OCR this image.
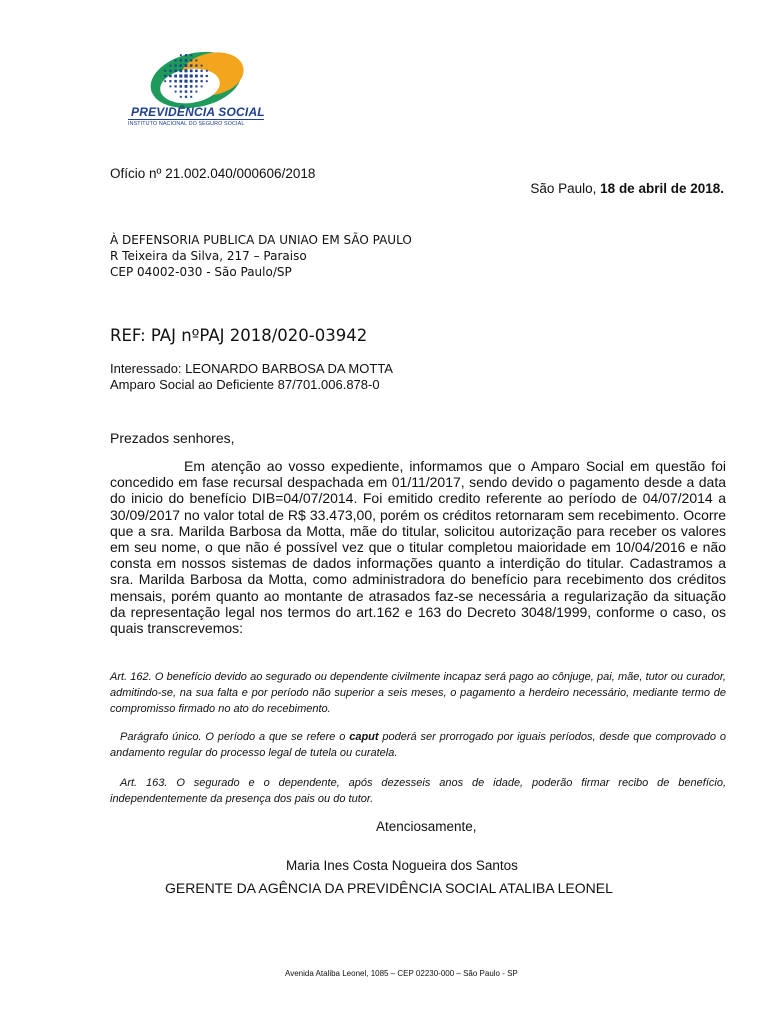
PREVIDÊNCIA SOCIAL
INSTITUTO NACIONAL DO SEGURO SOCIAL
Ofício nº 21.002.040/000606/2018
São Paulo, 18 de abril de 2018.
À DEFENSORIA PUBLICA DA UNIAO EM SÃO PAULO
R Teixeira da Silva, 217 – Paraiso
CEP 04002-030 - São Paulo/SP
REF: PAJ nºPAJ 2018/020-03942
Interessado: LEONARDO BARBOSA DA MOTTA
Amparo Social ao Deficiente 87/701.006.878-0
Prezados senhores,
Em atenção ao vosso expediente, informamos que o Amparo Social em questão foi concedido em fase recursal despachada em 01/11/2017, sendo devido o pagamento desde a data do inicio do benefício DIB=04/07/2014. Foi emitido credito referente ao período de 04/07/2014 a 30/09/2017 no valor total de R$ 33.473,00, porém os créditos retornaram sem recebimento. Ocorre que a sra. Marilda Barbosa da Motta, mãe do titular, solicitou autorização para receber os valores em seu nome, o que não é possível vez que o titular completou maioridade em 10/04/2016 e não consta em nossos sistemas de dados informações quanto a interdição do titular. Cadastramos a sra. Marilda Barbosa da Motta, como administradora do benefício para recebimento dos créditos mensais, porém quanto ao montante de atrasados faz-se necessária a regularização da situação da representação legal nos termos do art.162 e 163 do Decreto 3048/1999, conforme o caso, os quais transcrevemos:
Art. 162. O benefício devido ao segurado ou dependente civilmente incapaz será pago ao cônjuge, pai, mãe, tutor ou curador, admitindo-se, na sua falta e por período não superior a seis meses, o pagamento a herdeiro necessário, mediante termo de compromisso firmado no ato do recebimento.
Parágrafo único. O período a que se refere o caput poderá ser prorrogado por iguais períodos, desde que comprovado o andamento regular do processo legal de tutela ou curatela.
Art. 163. O segurado e o dependente, após dezesseis anos de idade, poderão firmar recibo de benefício, independentemente da presença dos pais ou do tutor.
Atenciosamente,
Maria Ines Costa Nogueira dos Santos
GERENTE DA AGÊNCIA DA PREVIDÊNCIA SOCIAL ATALIBA LEONEL
Avenida Ataliba Leonel, 1085 – CEP 02230-000 – São Paulo - SP
